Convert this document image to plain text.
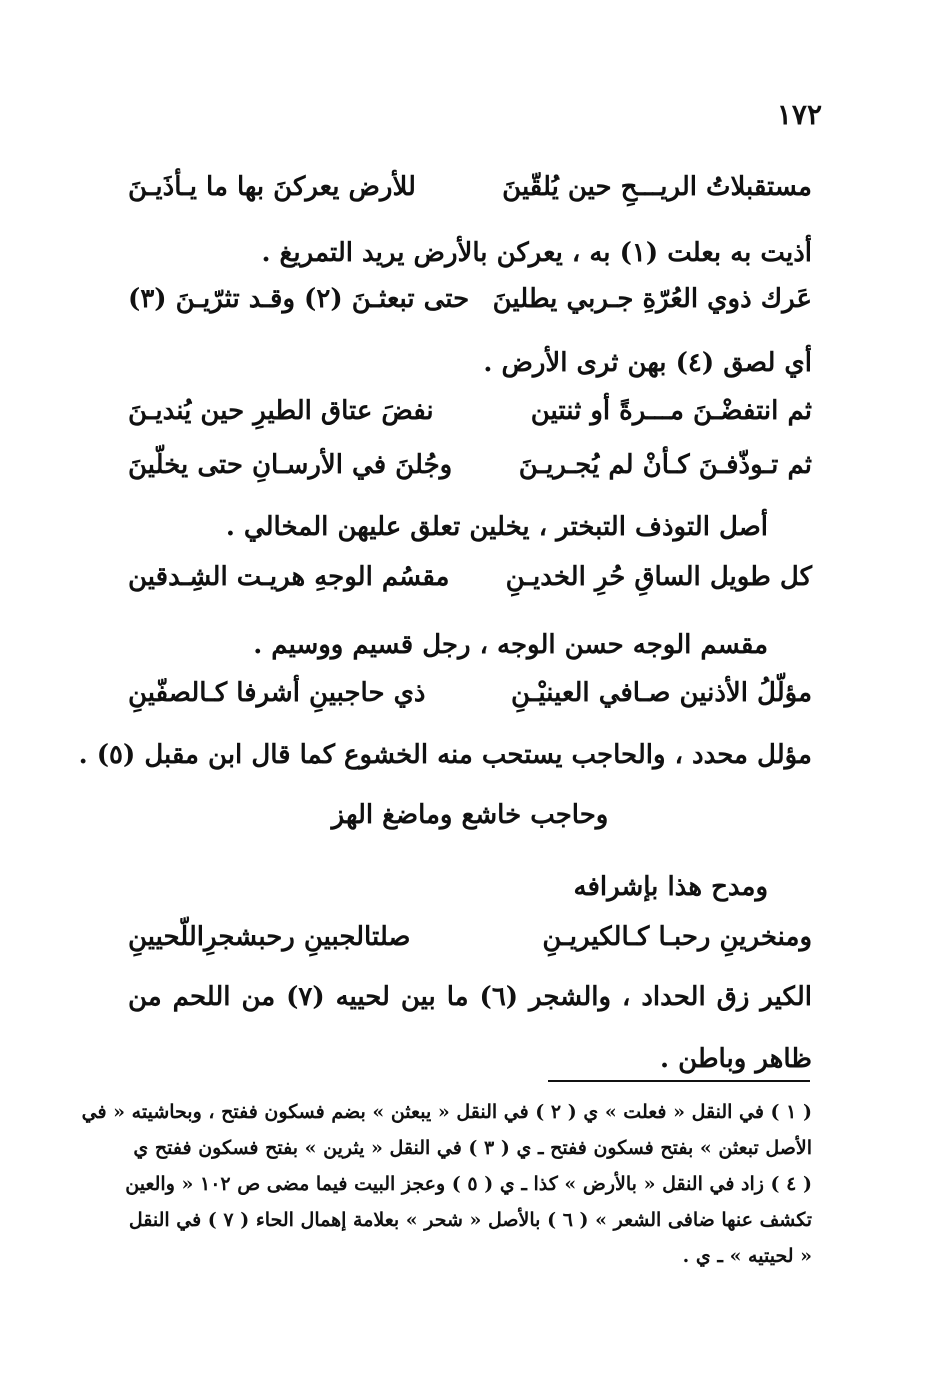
١٧٢
مستقبلاتُ الريـــحِ حين يُلقّينَ
للأرض يعركنَ بها ما يـأذَيـنَ
أذيت به بعلت (١) به ، يعركن بالأرض يريد التمريغ .
عَرك ذوي العُرّةِ جـربي يطلينَ
حتى تبعثـنَ (٢) وقـد تثرّيـنَ (٣)
أي لصق (٤) بهن ثرى الأرض .
ثم انتفضْـنَ مـــرةً أو ثنتين
نفضَ عتاق الطيرِ حين يُنديـنَ
ثم تـوذّفـنَ كـأنْ لم يُجـريـنَ
وجُلنَ في الأرسـانِ حتى يخلّينَ
أصل التوذف التبختر ، يخلين تعلق عليهن المخالي .
كل طويل الساقِ حُرِ الخديـنِ
مقسُم الوجهِ هريـت الشِـدقين
مقسم الوجه حسن الوجه ، رجل قسيم ووسيم .
مؤلّلُ الأذنين صـافي العينيْـنِ
ذي حاجبينِ أشرفا كـالصفّينِ
مؤلل محدد ، والحاجب يستحب منه الخشوع كما قال ابن مقبل (٥) .
وحاجب خاشع وماضغ الهز
ومدح هذا بإشرافه
ومنخرينِ رحبـا كـالكيريـنِ
صلتالجبينِ رحبشجرِاللّحيينِ
الكير زق الحداد ، والشجر (٦) ما بين لحييه (٧) من اللحم من ظاهر وباطن .
( ١ ) في النقل « فعلت » ي ( ٢ ) في النقل « يبعثن » بضم فسكون ففتح ، وبحاشيته « في
الأصل تبعثن » بفتح فسكون ففتح ـ ي ( ٣ ) في النقل « يثرين » بفتح فسكون ففتح ي
( ٤ ) زاد في النقل « بالأرض » كذا ـ ي ( ٥ ) وعجز البيت فيما مضى ص ١٠٢ « والعين
تكشف عنها ضافى الشعر » ( ٦ ) بالأصل « شحر » بعلامة إهمال الحاء ( ٧ ) في النقل
« لحيتيه » ـ ي .
